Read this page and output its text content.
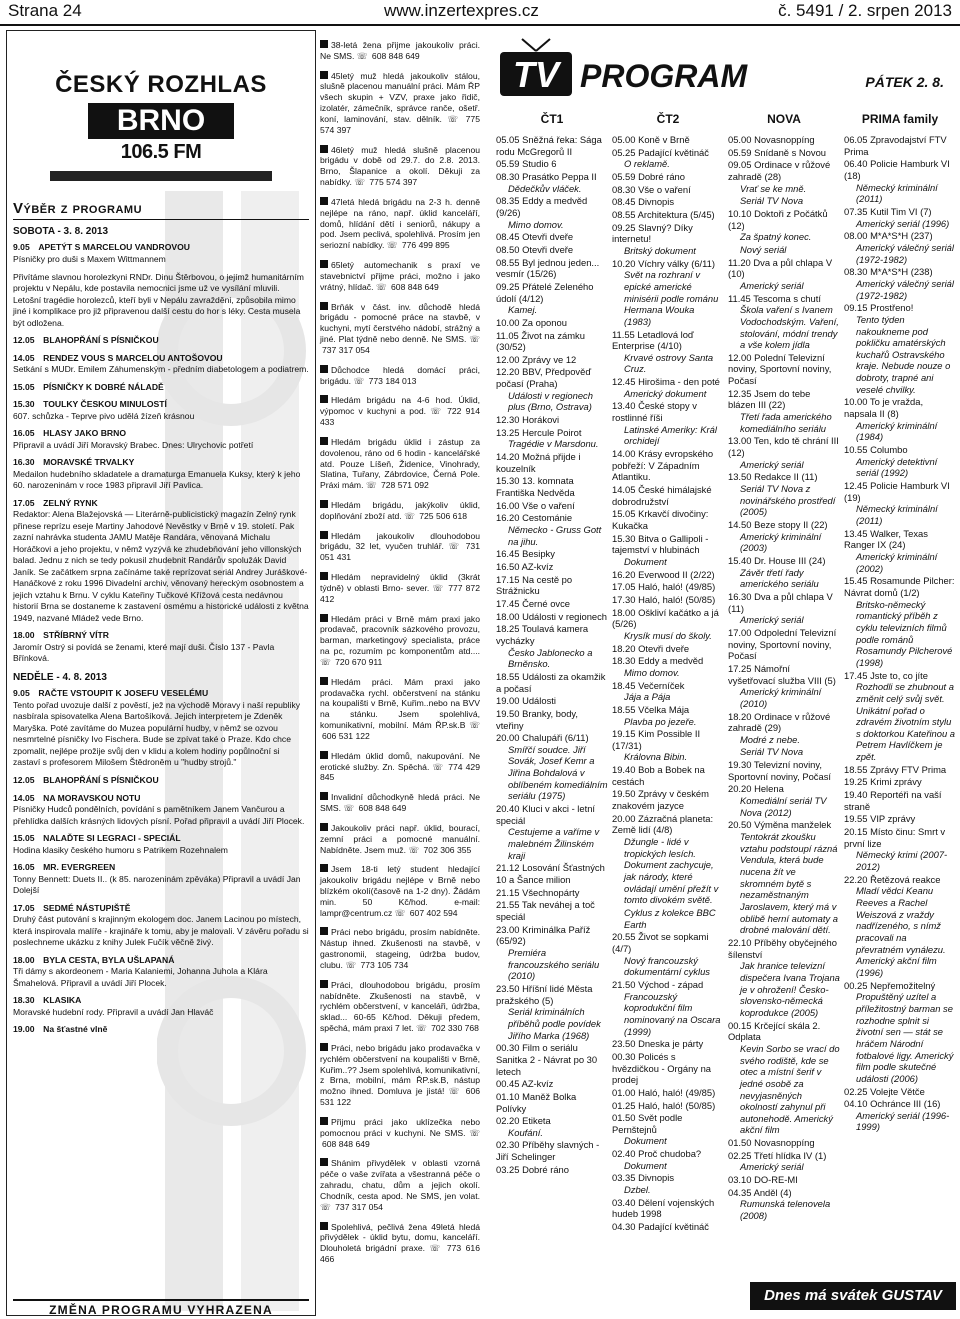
Strana 24	www.inzertexpres.cz	č. 5491 / 2. srpen 2013
ČESKÝ ROZHLAS
BRNO
106.5 FM
Výběr z programu
SOBOTA - 3. 8. 2013
9.05  APETÝT S MARCELOU VANDROVOU
Písničky pro duši s Maxem Wittmannem
Přivítáme slavnou horolezkyni RNDr. Dinu Štěrbovou, o jejímž humanitárním projektu v Nepálu, kde postavila nemocnici jsme už ve vysílání mluvili. Letošní tragédie horolezců, kteří byli v Nepálu zavražděni, způsobila mimo jiné i komplikace pro již připravenou další cestu do hor s léky. Cesta musela být odložena.
12.05  BLAHOPŘÁNÍ S PÍSNIČKOU
14.05  RENDEZ VOUS S MARCELOU ANTOŠOVOU
Setkání s MUDr. Emilem Záhumenským - předním diabetologem a podiatrem.
15.05  PÍSNIČKY K DOBRÉ NÁLADĚ
15.30  TOULKY ČESKOU MINULOSTÍ
607. schůzka - Teprve pivo udělá žízeň krásnou
16.05  HLASY JAKO BRNO
Připravil a uvádí Jiří Moravský Brabec. Dnes: Ulrychovic potřetí
16.30  MORAVSKÉ TRVALKY
Medailon hudebního skladatele a dramaturga Emanuela Kuksy, který k jeho 60. narozeninám v roce 1983 připravil Jiří Pavlica.
17.05  ZELNÝ RYNK
Redaktor: Alena Blažejovská — Literárně-publicistický magazín Zelný rynk přinese reprízu eseje Martiny Jahodové Nevěstky v Brně v 19. století. Pak zazní nahrávka studenta JAMU Matěje Randára, věnovaná Michalu Horáčkovi a jeho projektu, v němž vyzývá ke zhudebňování jeho villonských balad. Jednu z nich se tedy pokusil zhudebnit Randárův spolužák David Janík. Se začátkem srpna začínáme také reprízovat seriál Andrey Juráškové-Hanáčkové z roku 1996 Divadelní archiv, věnovaný hereckým osobnostem a jejich vztahu k Brnu. V cyklu Kateřiny Tučkové Křížová cesta nedávnou historií Brna se dostaneme k zastavení osmému a historické události z května 1949, nazvané Mládež vede Brno.
18.00  STŘÍBRNÝ VÍTR
Jaromír Ostrý si povídá se ženami, které mají duši. Číslo 137 - Pavla Břínková.
NEDĚLE - 4. 8. 2013
9.05  RAČTE VSTOUPIT K JOSEFU VESELÉMU
Tento pořad uvozuje další z pověstí, jež na východě Moravy i naší republiky nasbírala spisovatelka Alena Bartošíková. Jejich interpretem je Zdeněk Maryška. Poté zavítáme do Muzea populární hudby, v němž se ozvou nesmrtelné písničky Ivo Fischera. Bude se zpívat také o Praze. Kdo chce zpomalit, nejlépe prožije svůj den v klidu a kolem hodiny popůlnoční si zastaví s profesorem Milošem Štědroněm u "hudby strojů."
12.05  BLAHOPŘÁNÍ S PÍSNIČKOU
14.05  NA MORAVSKOU NOTU
Písničky Hudců pondělních, povídání s pamětníkem Janem Vančurou a přehlídka dalších krásných lidových písní. Pořad připravil a uvádí Jiří Plocek.
15.05  NALAĎTE SI LEGRACI - SPECIÁL
Hodina klasiky českého humoru s Patrikem Rozehnalem
16.05  MR. EVERGREEN
Tonny Bennett: Duets II.. (k 85. narozeninám zpěváka) Připravil a uvádí Jan Dolejší
17.05  SEDMÉ NÁSTUPIŠTĚ
Druhý část putování s krajinným ekologem doc. Janem Lacinou po místech, která inspirovala malíře - krajináře k tomu, aby je malovali. V závěru pořadu si poslechneme ukázku z knihy Julek Fučík věčně živý.
18.00  BYLA CESTA, BYLA UŠLAPANÁ
Tři dámy s akordeonem - Maria Kalaniemi, Johanna Juhola a Klára Šmahelová. Připravil a uvádí Jiří Plocek.
18.30  KLASIKA
Moravské hudební rody. Připravil a uvádí Jan Hlaváč
19.00  Na šťastné vlně
ZMĚNA PROGRAMU VYHRAZENA
38-letá žena přijme jakoukoliv práci. Ne SMS. ☏ 608 848 649
45letý muž hledá jakoukoliv stálou, slušně placenou manuální práci. Mám ŘP všech skupin + VZV, praxe jako řidič, izolatér, zámečník, správce ranče, ošetř. koní, laminování, stav. dělník. ☏ 775 574 397
46letý muž hledá slušně placenou brigádu v době od 29.7. do 2.8. 2013. Brno, Šlapanice a okolí. Děkuji za nabídky. ☏ 775 574 397
47letá hledá brigádu na 2-3 h. denně nejlépe na ráno, např. úklid kanceláří, domů, hlídání dětí i seniorů, nákupy a pod. Jsem peclivá, spolehlivá. Prosím jen seriozní nabídky. ☏ 776 499 895
65letý automechanik s praxí ve stavebnictví přijme práci, možno i jako vrátný, hlídač. ☏ 608 848 649
Brňák v část. inv. důchodě hledá brigádu - pomocné práce na stavbě, v kuchyni, mytí čerstvého nádobí, strážný a jiné. Plat týdně nebo denně. Ne SMS. ☏ 737 317 054
Důchodce hledá domácí práci, brigádu. ☏ 773 184 013
Hledám brigádu na 4-6 hod. Úklid, výpomoc v kuchyni a pod. ☏ 722 914 433
Hledám brigádu úklid i zástup za dovolenou, ráno od 6 hodin - kancelářské atd. Pouze Líšeň, Židenice, Vinohrady, Slatina, Tuřany, Zábrdovice, Černá Pole. Práxi mám. ☏ 728 571 092
Hledám brigádu, jakýkoliv úklid, doplňování zboží atd. ☏ 725 506 618
Hledám jakoukoliv dlouhodobou brigádu, 32 let, vyučen truhlář. ☏ 731 051 431
Hledám nepravidelný úklid (3krát týdně) v oblasti Brno- sever. ☏ 777 872 412
Hledám práci v Brně mám praxi jako prodavač, pracovník sázkového provozu, barman, marketingový specialista, práce na pc, rozumím pc komponentům atd.... ☏ 720 670 911
Hledám práci. Mám praxi jako prodavačka rychl. občerstvení na stánku na koupališti v Brně, Kuřim..nebo na BVV na stánku. Jsem spolehlivá, komunikativní, mobilní. Mám ŘP.sk.B ☏ 606 531 122
Hledám úklid domů, nakupování. Ne erotické služby. Zn. Spěchá. ☏ 774 429 845
Invalidní důchodkyně hledá práci. Ne SMS. ☏ 608 848 649
Jakoukoliv práci např. úklid, bourací, zemní práci a pomocné manuální. Nabídněte. Jsem muž. ☏ 702 306 355
Jsem 18-ti letý student hledající jakoukoliv brigádu nejlépe v Brně nebo blízkém okolí(časově na 1-2 dny). Žádám min. 50 Kč/hod. e-mail: lampr@centrum.cz ☏ 607 402 594
Práci nebo brigádu, prosím nabídněte. Nástup ihned. Zkušenosti na stavbě, v gastronomii, stageing, údržba budov, clubu. ☏ 773 105 734
Práci, dlouhodobou brigádu, prosím nabídněte. Zkušenosti na stavbě, v rychlém občerstvení, v kanceláři, údržba, sklad... 60-65 Kč/hod. Děkuji předem, spěchá, mám praxi 7 let. ☏ 702 330 768
Práci, nebo brigádu jako prodavačka v rychlém občerstvení na koupališti v Brně, Kuřim..?? Jsem spolehlivá, komunikativní, z Brna, mobilní, mám ŘP.sk.B, nástup možno ihned. Domluva je jistá! ☏ 606 531 122
Přijmu práci jako uklízečka nebo pomocnou práci v kuchyni. Ne SMS. ☏ 608 848 649
Shánim přivydělek v oblasti vzorná péče o vaše zvířata a všestranná péče o zahradu, chatu, dům a jejich okolí. Chodník, cesta apod. Ne SMS, jen volat. ☏ 737 317 054
Spolehlivá, pečlivá žena 49letá hledá přivýdělek - úklid bytu, domu, kanceláří. Dlouholetá brigádní praxe. ☏ 773 616 466
TV PROGRAM	PÁTEK 2. 8.
ČT1
05.05 Sněžná řeka: Sága rodu McGregorů II
05.59 Studio 6
08.30 Prasátko Peppa II
Dědečkův vláček.
08.35 Eddy a medvěd (9/26)
Mimo domov.
08.45 Otevři dveře
08.50 Otevři dveře
08.55 Byl jednou jeden... vesmír (15/26)
09.25 Přátelé Zeleného údolí (4/12)
Kamej.
10.00 Za oponou
11.05 Život na zámku (30/52)
12.00 Zprávy ve 12
12.20 BBV, Předpověď počasí (Praha)
Události v regionech plus (Brno, Ostrava)
12.30 Horákovi
13.25 Hercule Poirot
Tragédie v Marsdonu.
14.20 Možná přijde i kouzelník
15.30 13. komnata Františka Nedvěda
16.00 Vše o vaření
16.20 Cestománie
Německo - Gruss Gott na jihu.
16.45 Besipky
16.50 AZ-kvíz
17.15 Na cestě po Strážnicku
17.45 Černé ovce
18.00 Události v regionech
18.25 Toulavá kamera vycházky
Česko Jablonecko a Brněnsko.
18.55 Události za okamžik a počasí
19.00 Události
19.50 Branky, body, vteřiny
20.00 Chalupáři (6/11)
Smířčí soudce. Jiří Sovák, Josef Kemr a Jiřina Bohdalová v oblíbeném komediálním seriálu (1975)
20.40 Kluci v akci - letní speciál
Cestujeme a vaříme v malebném Žilinském kraji
21.12 Losování Šťastných 10 a Šance milion
21.15 Všechnopárty
21.55 Tak neváhej a toč speciál
23.00 Kriminálka Paříž (65/92)
Premiéra francouzského seriálu (2010)
23.50 Hříšní lidé Města pražského (5)
Seriál kriminálních příběhů podle povídek Jiřího Marka (1968)
00.30 Film o seriálu Sanitka 2 - Návrat po 30 letech
00.45 AZ-kvíz
01.10 Maněž Bolka Polívky
02.20 Etiketa
Koufání.
02.30 Příběhy slavných - Jiří Schelinger
03.25 Dobré ráno
ČT2
05.00 Koně v Brně
05.25 Padající květináč
O reklamě.
05.59 Dobré ráno
08.30 Vše o vaření
08.45 Divnopis
08.55 Architektura (5/45)
09.25 Slavný? Díky internetu!
Britský dokument
10.20 Víchry války (6/11)
Svět na rozhraní v epické americké minisérii podle románu Hermana Wouka (1983)
11.55 Letadlová loď Enterprise (4/10)
Krvavé ostrovy Santa Cruz.
12.45 Hirošima - den poté
Americký dokument
13.40 České stopy v rostlinné říši
Latinské Ameriky: Král orchidejí
14.00 Krásy evropského pobřeží: V Západním Atlantiku.
14.05 České himálajské dobrodružství
15.05 Krkavčí divočiny: Kukačka
15.30 Bitva o Gallipoli - tajemství v hlubinách
Dokument
16.20 Everwood II (2/22)
17.05 Haló, haló! (49/85)
17.30 Haló, haló! (50/85)
18.00 Oškliví kačátko a já (5/26)
Krysík musí do školy.
18.20 Otevři dveře
18.30 Eddy a medvěd
Mimo domov.
18.45 Večerníček
Jája a Pája
18.55 Včelka Mája
Plavba po jezeře.
19.15 Kim Possible II (17/31)
Královna Bibin.
19.40 Bob a Bobek na cestách
19.50 Zprávy v českém znakovém jazyce
20.00 Zázračná planeta: Země lidí (4/8)
Džungle - lidé v tropických lesích. Dokument zachycuje, jak národy, které ovládají umění přežít v tomto divokém světě.
Cyklus z kolekce BBC Earth
20.55 Život se sopkami (4/7)
Nový francouzský dokumentární cyklus
21.50 Východ - západ
Francouzský koprodukční film nominovaný na Oscara (1999)
23.50 Dneska je párty
00.30 Policés s hvězdičkou - Orgány na prodej
01.00 Haló, haló! (49/85)
01.25 Haló, haló! (50/85)
01.50 Svět podle Pernštejnů
Dokument
02.40 Proč chudoba?
Dokument
03.35 Divnopis
Dzbel.
03.40 Dělení vojenských hudeb 1998
04.30 Padající květináč
NOVA
05.00 Novasnoppíng
05.59 Snídaně s Novou
09.05 Ordinace v růžové zahradě (28)
Vrať se ke mně.
Seriál TV Nova
10.10 Doktoři z Počátků (12)
Za špatný konec.
Nový seriál
11.20 Dva a půl chlapa V (10)
Americký seriál
11.45 Tescoma s chutí
Škola vaření s Ivanem Vodochodským. Vaření, stolování, módní trendy a vše kolem jídla
12.00 Polední Televizní noviny, Sportovní noviny, Počasí
12.35 Jsem do tebe blázen III (22)
Třetí řada amerického komediálního seriálu
13.00 Ten, kdo tě chrání III (12)
Americký seriál
13.50 Redakce II (11)
Seriál TV Nova z novinářského prostředí (2005)
14.50 Beze stopy II (22)
Americký kriminální (2003)
15.40 Dr. House III (24)
Závěr třetí řady amerického seriálu
16.30 Dva a půl chlapa V (11)
Americký seriál
17.00 Odpolední Televizní noviny, Sportovní noviny, Počasí
17.25 Námořní vyšetřovací služba VIII (5)
Americký kriminální (2010)
18.20 Ordinace v růžové zahradě (29)
Modré z nebe.
Seriál TV Nova
19.30 Televizní noviny, Sportovní noviny, Počasí
20.20 Helena
Komediální seriál TV Nova (2012)
20.50 Výměna manželek
Tentokrát zkoušku vztahu podstoupí rázná Vendula, která bude nucena žít ve skromném bytě s nezaměstnaným Jaroslavem, který má v oblibě herní automaty a drobné malování dětí.
22.10 Příběhy obyčejného šílenství
Jak hranice televizní dispečera Ivana Trojana je v ohrožení! Česko-slovensko-německá koprodukce (2005)
00.15 Krčející skála 2. Odplata
Kevin Sorbo se vrací do svého rodiště, kde se otec a místní šerif v jedné osobě za nevyjasněných okolností zahynul při autonehodě. Americký akční film
01.50 Novasnoppíng
02.25 Třetí hlídka IV (1)
Americký seriál
03.10 DO-RE-MI
04.35 Anděl (4)
Rumunská telenovela (2008)
PRIMA family
06.05 Zpravodajství FTV Prima
06.40 Policie Hamburk VI (18)
Německý kriminální (2011)
07.35 Kutil Tim VI (7)
Americký seriál (1996)
08.00 M*A*S*H (237)
Americký válečný seriál (1972-1982)
08.30 M*A*S*H (238)
Americký válečný seriál (1972-1982)
09.15 Prostřeno!
Tento týden nakoukneme pod pokličku amatérských kuchařů Ostravského kraje. Nebude nouze o dobroty, trapné ani veselé chvilky.
10.00 To je vražda, napsala II (8)
Americký kriminální (1984)
10.55 Columbo
Americký detektivní seriál (1992)
12.45 Policie Hamburk VI (19)
Německý kriminální (2011)
13.45 Walker, Texas Ranger IX (24)
Americký kriminální (2002)
15.45 Rosamunde Pilcher: Návrat domů (1/2)
Britsko-německý romantický příběh z cyklu televizních filmů podle románů Rosamundy Pilcherové (1998)
17.45 Jste to, co jíte
Rozhodli se zhubnout a změnit celý svůj svět. Unikátní pořad o zdravém životním stylu s doktorkou Kateřinou a Petrem Havlíčkem je zpět.
18.55 Zprávy FTV Prima
19.25 Krimi zprávy
19.40 Reportéři na vaší straně
19.55 VIP zprávy
20.15 Místo činu: Smrt v první lize
Německý krimi (2007-2012)
22.20 Řetězová reakce
Mladí vědci Keanu Reeves a Rachel Weiszová z vraždy nadřízeného, s nímž pracovali na převratném vynálezu. Americký akční film (1996)
00.25 Nepřemožitelný
Propuštěný uzítel a příležitostný barman se rozhodne splnit si životní sen — stát se hráčem Národní fotbalové ligy. Americký film podle skutečné události (2006)
02.25 Volejte Větče
04.10 Ochránce III (16)
Americký seriál (1996-1999)
Dnes má svátek GUSTAV
